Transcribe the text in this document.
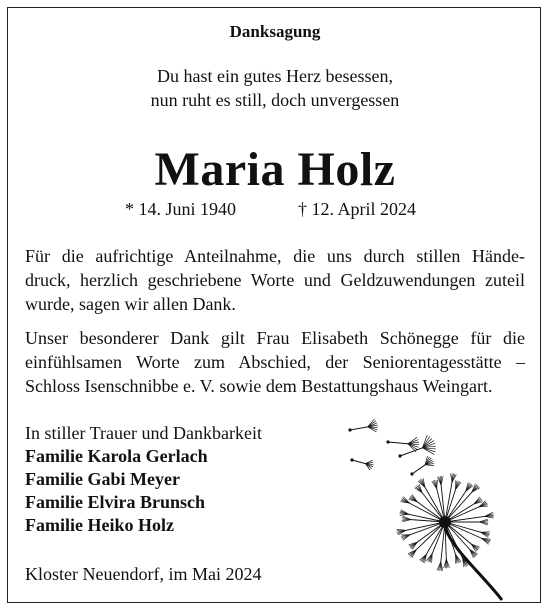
Danksagung
Du hast ein gutes Herz besessen,
nun ruht es still, doch unvergessen
Maria Holz
* 14. Juni 1940	† 12. April 2024
Für die aufrichtige Anteilnahme, die uns durch stillen Hände-
druck, herzlich geschriebene Worte und Geldzuwendungen zuteil
wurde, sagen wir allen Dank.
Unser besonderer Dank gilt Frau Elisabeth Schönegge für die
einfühlsamen Worte zum Abschied, der Seniorentagesstätte –
Schloss Isenschnibbe e. V. sowie dem Bestattungshaus Weingart.
In stiller Trauer und Dankbarkeit
Familie Karola Gerlach
Familie Gabi Meyer
Familie Elvira Brunsch
Familie Heiko Holz
Kloster Neuendorf, im Mai 2024
